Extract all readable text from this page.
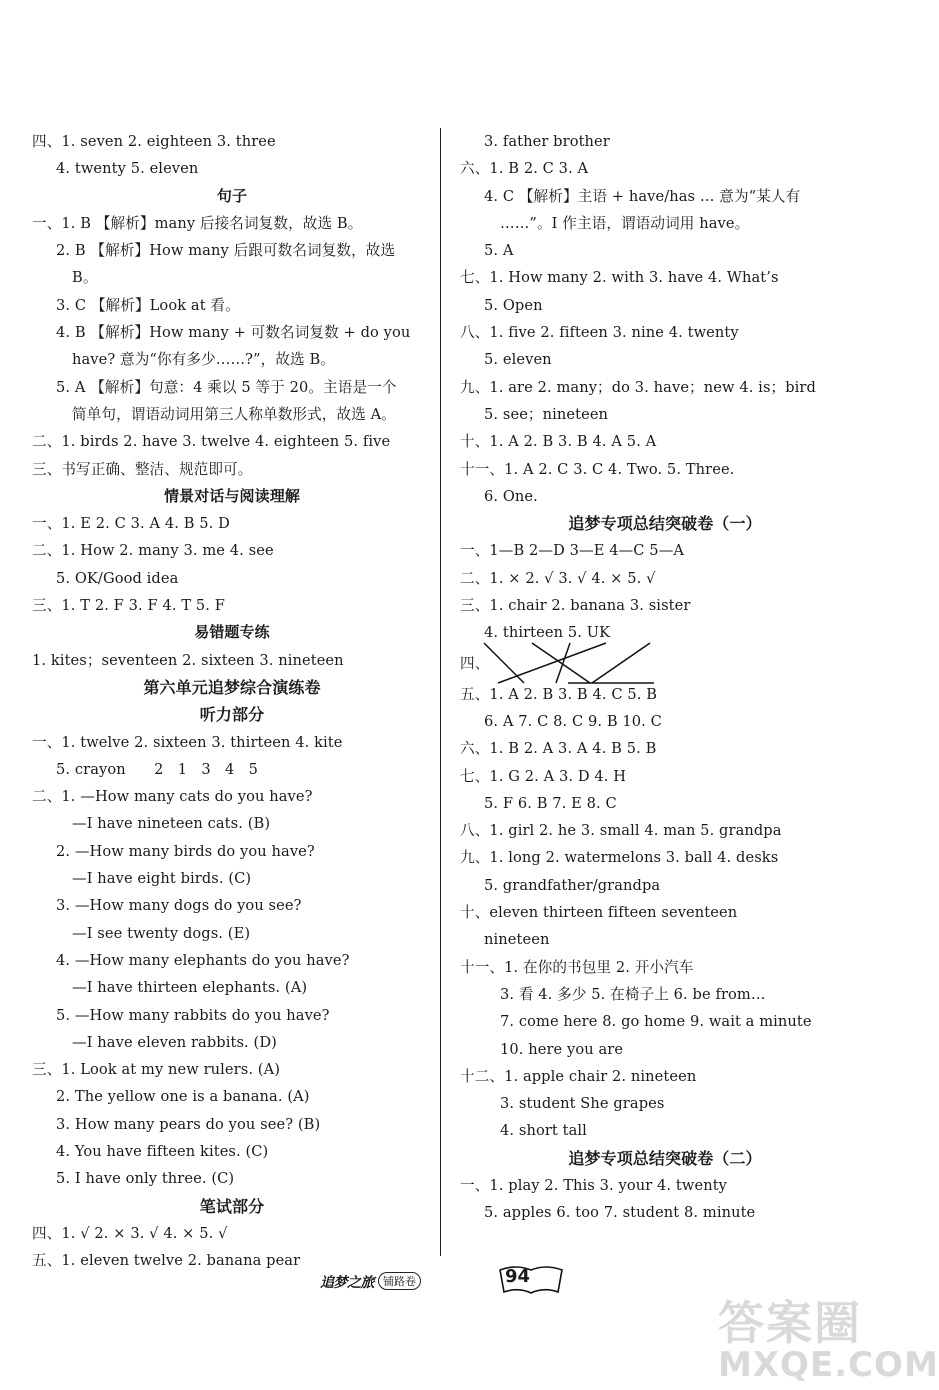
四、1. seven 2. eighteen 3. three
4. twenty 5. eleven
句子
一、1. B 【解析】many 后接名词复数，故选 B。
2. B 【解析】How many 后跟可数名词复数，故选
B。
3. C 【解析】Look at 看。
4. B 【解析】How many + 可数名词复数 + do you
have? 意为“你有多少……?”，故选 B。
5. A 【解析】句意：4 乘以 5 等于 20。主语是一个
简单句，谓语动词用第三人称单数形式，故选 A。
二、1. birds 2. have 3. twelve 4. eighteen 5. five
三、书写正确、整洁、规范即可。
情景对话与阅读理解
一、1. E 2. C 3. A 4. B 5. D
二、1. How 2. many 3. me 4. see
5. OK/Good idea
三、1. T 2. F 3. F 4. T 5. F
易错题专练
1. kites；seventeen 2. sixteen 3. nineteen
第六单元追梦综合演练卷
听力部分
一、1. twelve 2. sixteen 3. thirteen 4. kite
5. crayon      2   1   3   4   5
二、1. —How many cats do you have?
—I have nineteen cats. (B)
2. —How many birds do you have?
—I have eight birds. (C)
3. —How many dogs do you see?
—I see twenty dogs. (E)
4. —How many elephants do you have?
—I have thirteen elephants. (A)
5. —How many rabbits do you have?
—I have eleven rabbits. (D)
三、1. Look at my new rulers. (A)
2. The yellow one is a banana. (A)
3. How many pears do you see? (B)
4. You have fifteen kites. (C)
5. I have only three. (C)
笔试部分
四、1. √ 2. × 3. √ 4. × 5. √
五、1. eleven twelve 2. banana pear
3. father brother
六、1. B 2. C 3. A
4. C 【解析】主语 + have/has … 意为“某人有
……”。I 作主语，谓语动词用 have。
5. A
七、1. How many 2. with 3. have 4. What’s
5. Open
八、1. five 2. fifteen 3. nine 4. twenty
5. eleven
九、1. are 2. many；do 3. have；new 4. is；bird
5. see；nineteen
十、1. A 2. B 3. B 4. A 5. A
十一、1. A 2. C 3. C 4. Two. 5. Three.
6. One.
追梦专项总结突破卷（一）
一、1—B 2—D 3—E 4—C 5—A
二、1. × 2. √ 3. √ 4. × 5. √
三、1. chair 2. banana 3. sister
4. thirteen 5. UK
四、
五、1. A 2. B 3. B 4. C 5. B
6. A 7. C 8. C 9. B 10. C
六、1. B 2. A 3. A 4. B 5. B
七、1. G 2. A 3. D 4. H
5. F 6. B 7. E 8. C
八、1. girl 2. he 3. small 4. man 5. grandpa
九、1. long 2. watermelons 3. ball 4. desks
5. grandfather/grandpa
十、eleven thirteen fifteen seventeen
nineteen
十一、1. 在你的书包里 2. 开小汽车
3. 看 4. 多少 5. 在椅子上 6. be from…
7. come here 8. go home 9. wait a minute
10. here you are
十二、1. apple chair 2. nineteen
3. student She grapes
4. short tall
追梦专项总结突破卷（二）
一、1. play 2. This 3. your 4. twenty
5. apples 6. too 7. student 8. minute
追梦之旅 铺路卷	94
答案圈
MXQE.COM
